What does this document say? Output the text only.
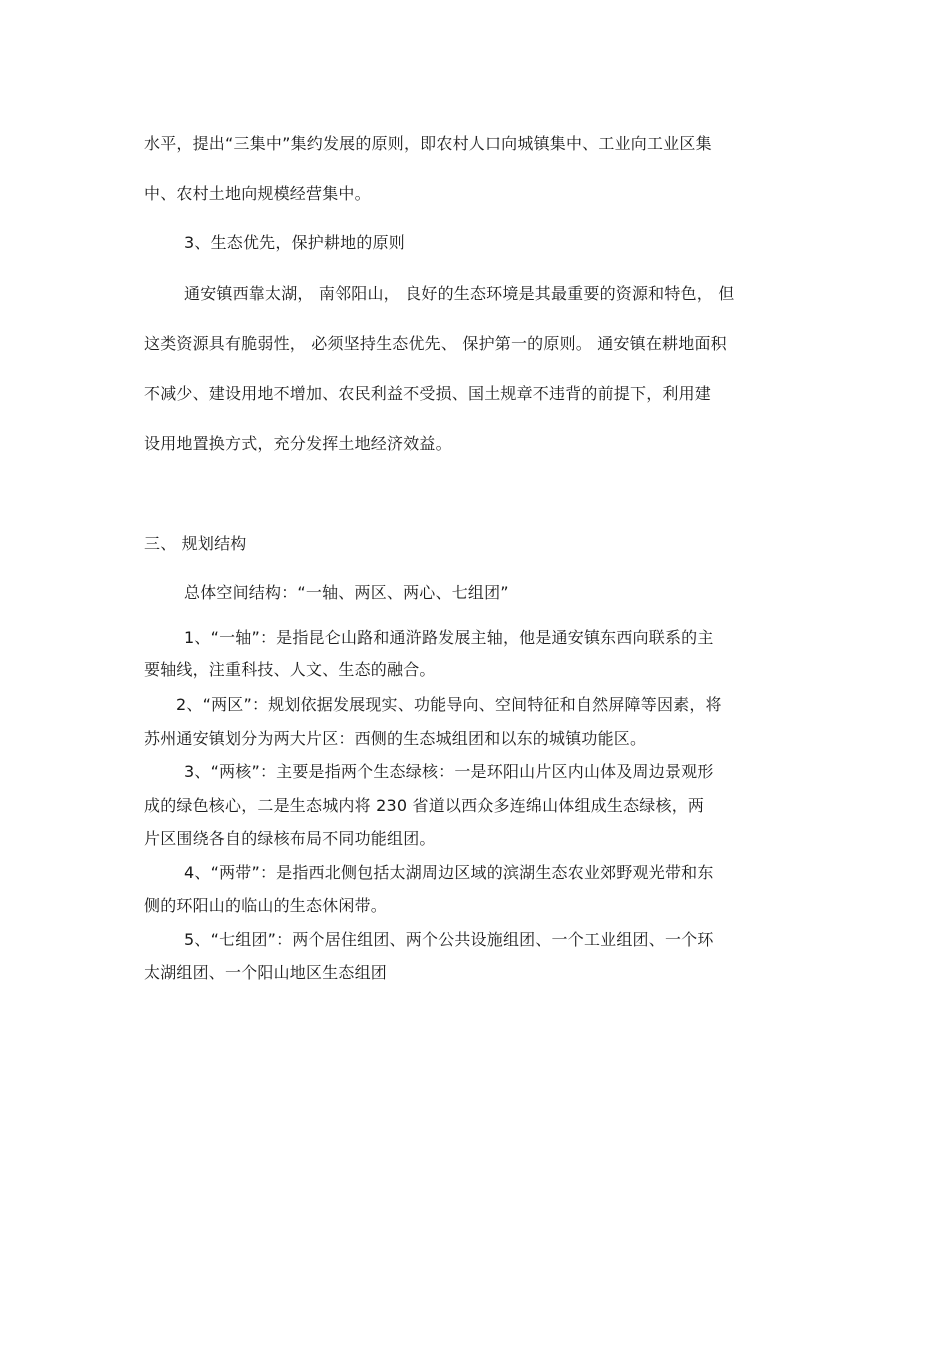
水平，提出“三集中”集约发展的原则，即农村人口向城镇集中、工业向工业区集
中、农村土地向规模经营集中。
3、生态优先，保护耕地的原则
通安镇西靠太湖， 南邻阳山， 良好的生态环境是其最重要的资源和特色， 但
这类资源具有脆弱性， 必须坚持生态优先、 保护第一的原则。 通安镇在耕地面积
不减少、建设用地不增加、农民利益不受损、国土规章不违背的前提下，利用建
设用地置换方式，充分发挥土地经济效益。
三、 规划结构
总体空间结构：“一轴、两区、两心、七组团”
1、“一轴”：是指昆仑山路和通浒路发展主轴，他是通安镇东西向联系的主
要轴线，注重科技、人文、生态的融合。
2、“两区”：规划依据发展现实、功能导向、空间特征和自然屏障等因素，将
苏州通安镇划分为两大片区：西侧的生态城组团和以东的城镇功能区。
3、“两核”：主要是指两个生态绿核：一是环阳山片区内山体及周边景观形
成的绿色核心，二是生态城内将 230 省道以西众多连绵山体组成生态绿核，两
片区围绕各自的绿核布局不同功能组团。
4、“两带”：是指西北侧包括太湖周边区域的滨湖生态农业郊野观光带和东
侧的环阳山的临山的生态休闲带。
5、“七组团”：两个居住组团、两个公共设施组团、一个工业组团、一个环
太湖组团、一个阳山地区生态组团
